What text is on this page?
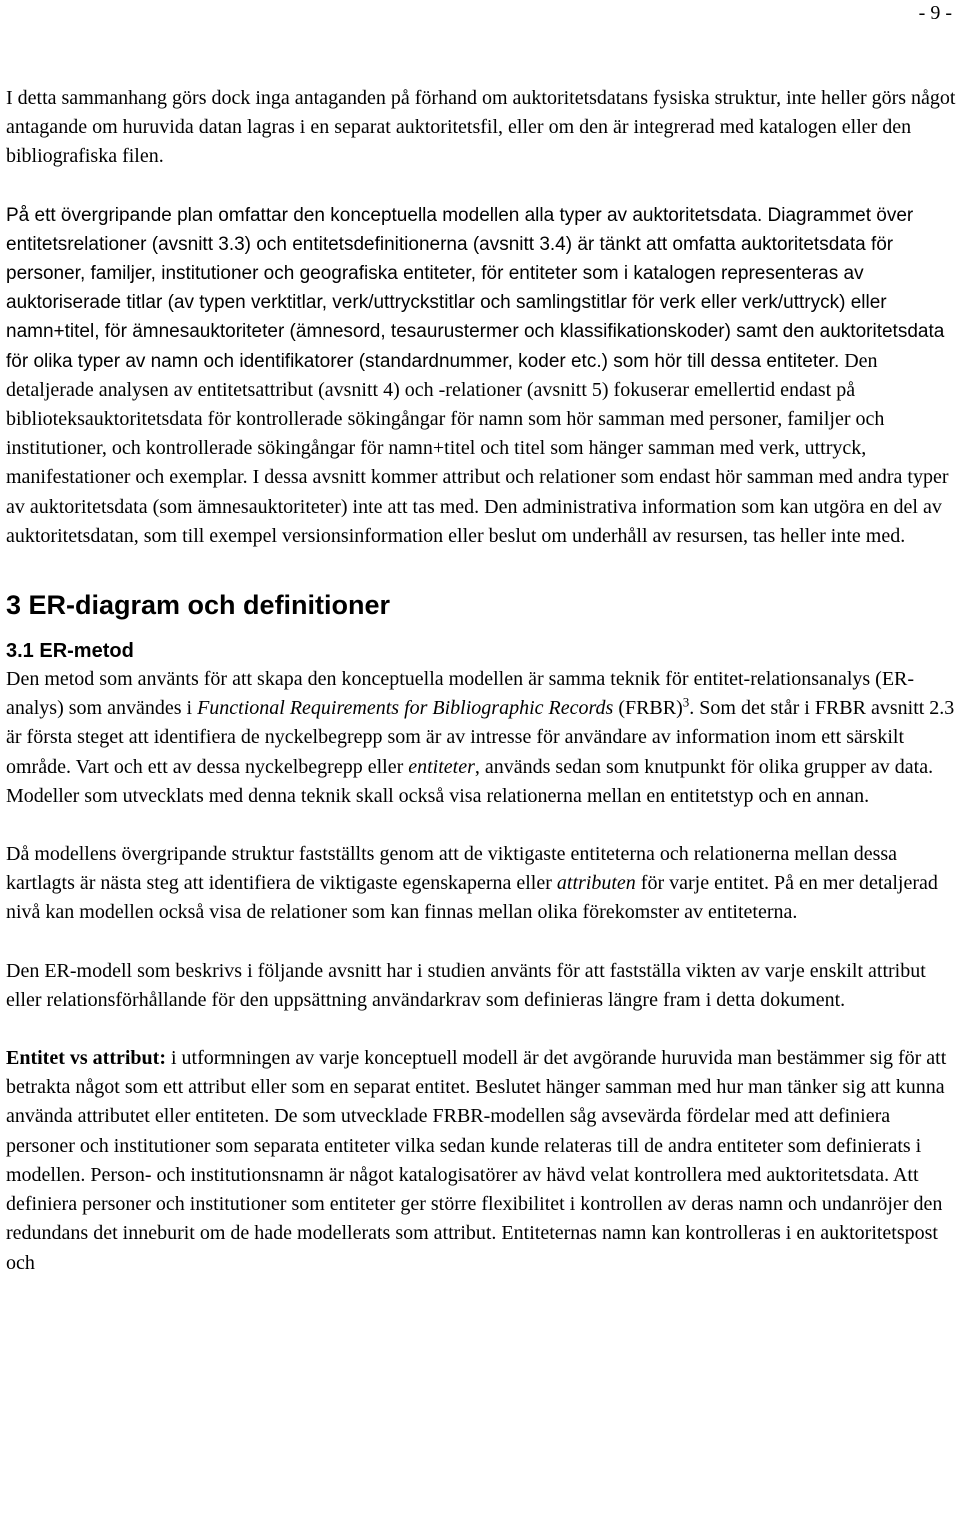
- 9 -

I detta sammanhang görs dock inga antaganden på förhand om auktoritetsdatans fysiska struktur, inte heller görs något antagande om huruvida datan lagras i en separat auktoritetsfil, eller om den är integrerad med katalogen eller den bibliografiska filen.

På ett övergripande plan omfattar den konceptuella modellen alla typer av auktoritetsdata. Diagrammet över entitetsrelationer (avsnitt 3.3) och entitetsdefinitionerna (avsnitt 3.4) är tänkt att omfatta auktoritetsdata för personer, familjer, institutioner och geografiska entiteter, för entiteter som i katalogen representeras av auktoriserade titlar (av typen verktitlar, verk/uttryckstitlar och samlingstitlar för verk eller verk/uttryck) eller namn+titel, för ämnesauktoriteter (ämnesord, tesaurustermer och klassifikationskoder) samt den auktoritetsdata för olika typer av namn och identifikatorer (standardnummer, koder etc.) som hör till dessa entiteter. Den detaljerade analysen av entitetsattribut (avsnitt 4) och -relationer (avsnitt 5) fokuserar emellertid endast på biblioteksauktoritetsdata för kontrollerade sökingångar för namn som hör samman med personer, familjer och institutioner, och kontrollerade sökingångar för namn+titel och titel som hänger samman med verk, uttryck, manifestationer och exemplar. I dessa avsnitt kommer attribut och relationer som endast hör samman med andra typer av auktoritetsdata (som ämnesauktoriteter) inte att tas med. Den administrativa information som kan utgöra en del av auktoritetsdatan, som till exempel versionsinformation eller beslut om underhåll av resursen, tas heller inte med.

3 ER-diagram och definitioner
3.1 ER-metod

Den metod som använts för att skapa den konceptuella modellen är samma teknik för entitet-relationsanalys (ER-analys) som användes i Functional Requirements for Bibliographic Records (FRBR)$^3$. Som det står i FRBR avsnitt 2.3 är första steget att identifiera de nyckelbegrepp som är av intresse för användare av information inom ett särskilt område. Vart och ett av dessa nyckelbegrepp eller entiteter, används sedan som knutpunkt för olika grupper av data. Modeller som utvecklats med denna teknik skall också visa relationerna mellan en entitetstyp och en annan.

Då modellens övergripande struktur fastställts genom att de viktigaste entiteterna och relationerna mellan dessa kartlagts är nästa steg att identifiera de viktigaste egenskaperna eller attributen för varje entitet. På en mer detaljerad nivå kan modellen också visa de relationer som kan finnas mellan olika förekomster av entiteterna.

Den ER-modell som beskrivs i följande avsnitt har i studien använts för att fastställa vikten av varje enskilt attribut eller relationsförhållande för den uppsättning användarkrav som definieras längre fram i detta dokument.

Entitet vs attribut: i utformningen av varje konceptuell modell är det avgörande huruvida man bestämmer sig för att betrakta något som ett attribut eller som en separat entitet. Beslutet hänger samman med hur man tänker sig att kunna använda attributet eller entiteten. De som utvecklade FRBR-modellen såg avsevärda fördelar med att definiera personer och institutioner som separata entiteter vilka sedan kunde relateras till de andra entiteter som definierats i modellen. Person- och institutionsnamn är något katalogisatörer av hävd velat kontrollera med auktoritetsdata. Att definiera personer och institutioner som entiteter ger större flexibilitet i kontrollen av deras namn och undanröjer den redundans det inneburit om de hade modellerats som attribut. Entiteternas namn kan kontrolleras i en auktoritetspost och
